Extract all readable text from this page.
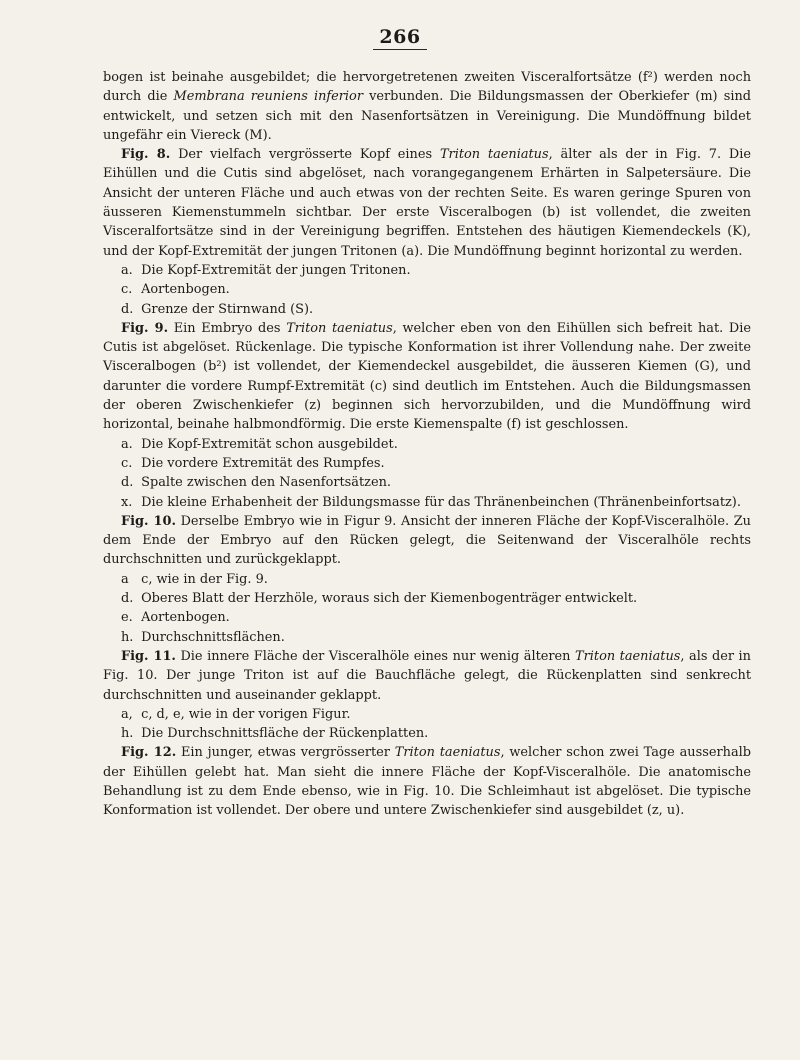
266

bogen ist beinahe ausgebildet; die hervorgetretenen zweiten Visceralfortsätze (f²) werden noch durch die Membrana reuniens inferior verbunden. Die Bildungsmassen der Oberkiefer (m) sind entwickelt, und setzen sich mit den Nasenfortsätzen in Vereinigung. Die Mundöffnung bildet ungefähr ein Viereck (M).

Fig. 8. Der vielfach vergrösserte Kopf eines Triton taeniatus, älter als der in Fig. 7. Die Eihüllen und die Cutis sind abgelöset, nach vorangegangenem Erhärten in Salpetersäure. Die Ansicht der unteren Fläche und auch etwas von der rechten Seite. Es waren geringe Spuren von äusseren Kiemenstummeln sichtbar. Der erste Visceralbogen (b) ist vollendet, die zweiten Visceralfortsätze sind in der Vereinigung begriffen. Entstehen des häutigen Kiemendeckels (K), und der Kopf-Extremität der jungen Tritonen (a). Die Mundöffnung beginnt horizontal zu werden.

a. Die Kopf-Extremität der jungen Tritonen.

c. Aortenbogen.

d. Grenze der Stirnwand (S).

Fig. 9. Ein Embryo des Triton taeniatus, welcher eben von den Eihüllen sich befreit hat. Die Cutis ist abgelöset. Rückenlage. Die typische Konformation ist ihrer Vollendung nahe. Der zweite Visceralbogen (b²) ist vollendet, der Kiemendeckel ausgebildet, die äusseren Kiemen (G), und darunter die vordere Rumpf-Extremität (c) sind deutlich im Entstehen. Auch die Bildungsmassen der oberen Zwischenkiefer (z) beginnen sich hervorzubilden, und die Mundöffnung wird horizontal, beinahe halbmondförmig. Die erste Kiemenspalte (f) ist geschlossen.

a. Die Kopf-Extremität schon ausgebildet.

c. Die vordere Extremität des Rumpfes.

d. Spalte zwischen den Nasenfortsätzen.

x. Die kleine Erhabenheit der Bildungsmasse für das Thränenbeinchen (Thränenbeinfortsatz).

Fig. 10. Derselbe Embryo wie in Figur 9. Ansicht der inneren Fläche der Kopf-Visceralhöle. Zu dem Ende der Embryo auf den Rücken gelegt, die Seitenwand der Visceralhöle rechts durchschnitten und zurückgeklappt.

a c, wie in der Fig. 9.

d. Oberes Blatt der Herzhöle, woraus sich der Kiemenbogenträger entwickelt.

e. Aortenbogen.

h. Durchschnittsflächen.

Fig. 11. Die innere Fläche der Visceralhöle eines nur wenig älteren Triton taeniatus, als der in Fig. 10. Der junge Triton ist auf die Bauchfläche gelegt, die Rückenplatten sind senkrecht durchschnitten und auseinander geklappt.

a, c, d, e, wie in der vorigen Figur.

h. Die Durchschnittsfläche der Rückenplatten.

Fig. 12. Ein junger, etwas vergrösserter Triton taeniatus, welcher schon zwei Tage ausserhalb der Eihüllen gelebt hat. Man sieht die innere Fläche der Kopf-Visceralhöle. Die anatomische Behandlung ist zu dem Ende ebenso, wie in Fig. 10. Die Schleimhaut ist abgelöset. Die typische Konformation ist vollendet. Der obere und untere Zwischenkiefer sind ausgebildet (z, u).
